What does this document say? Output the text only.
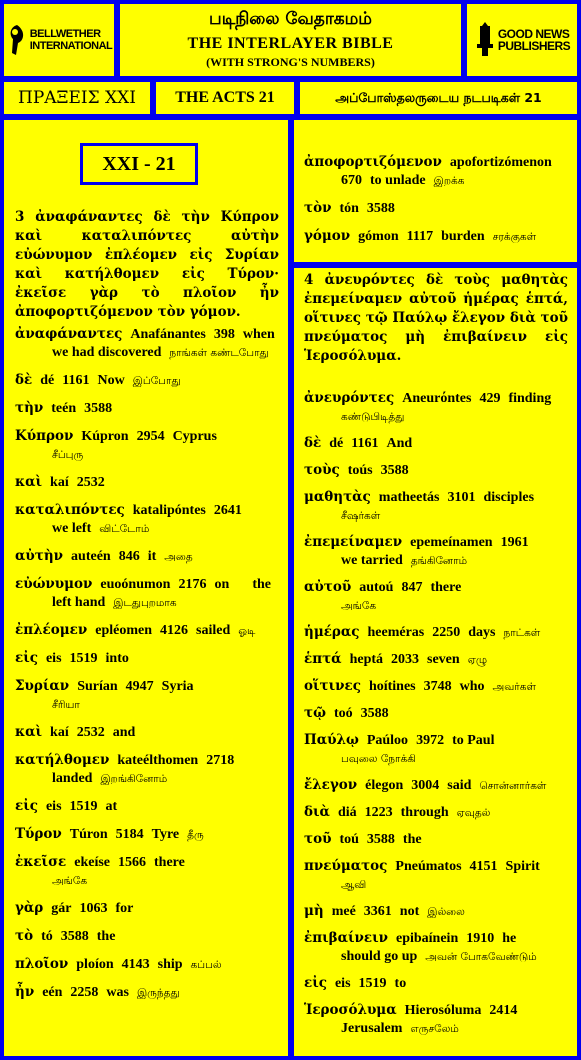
BELLWETHER
INTERNATIONAL
படிநிலை வேதாகமம்
THE INTERLAYER BIBLE
(WITH STRONG'S NUMBERS)
GOOD NEWS
PUBLISHERS
ΠΡΑΞΕΙΣ XXI THE ACTS 21	அப்போஸ்தலருடைய நடபடிகள் 21
XXI - 21
3 ἀναφάναντες δὲ τὴν Κύπρον καὶ καταλιπόντες αὐτὴν εὐώνυμον ἐπλέομεν εἰς Συρίαν καὶ κατήλθομεν εἰς Τύρον· ἐκεῖσε γὰρ τὸ πλοῖον ἦν ἀποφορτιζόμενον τὸν γόμον.
ἀναφάναντες Anafánantes 398 when
we had discovered நாங்கள் கண்டபோது
δὲ dé 1161 Now இப்போது
τὴν teén 3588
Κύπρον Kúpron 2954 Cyprus
சீப்புரு
καὶ kaí 2532
καταλιπόντες katalipóntes 2641
we left விட்டோம்
αὐτὴν auteén 846 it அதை
εὐώνυμον euoónumon 2176 on the
left hand இடதுபுறமாக
ἐπλέομεν epléomen 4126 sailed ஓடி
εἰς eis 1519 into
Συρίαν Surían 4947 Syria
சீரியா
καὶ kaí 2532 and
κατήλθομεν kateélthomen 2718
landed இறங்கினோம்
εἰς eis 1519 at
Τύρον Túron 5184 Tyre தீரு
ἐκεῖσε ekeíse 1566 there
அங்கே
γὰρ gár 1063 for
τὸ tó 3588 the
πλοῖον ploíon 4143 ship கப்பல்
ἦν eén 2258 was இருந்தது
ἀποφορτιζόμενον apofortizómenon
670 to unlade இறக்க
τὸν tón 3588
γόμον gómon 1117 burden சரக்குகள்
4 ἀνευρόντες δὲ τοὺς μαθητὰς ἐπεμείναμεν αὐτοῦ ἡμέρας ἑπτά, οἵτινες τῷ Παύλῳ ἔλεγον διὰ τοῦ πνεύματος μὴ ἐπιβαίνειν εἰς Ἱεροσόλυμα.
ἀνευρόντες Aneurόntes 429 finding
கண்டுபிடித்து
δὲ dé 1161 And
τοὺς toús 3588
μαθητὰς matheetás 3101 disciples
சீஷர்கள்
ἐπεμείναμεν epemeínamen 1961
we tarried தங்கினோம்
αὐτοῦ autoú 847 there
அங்கே
ἡμέρας heeméras 2250 days நாட்கள்
ἑπτά heptá 2033 seven ஏழு
οἵτινες hoítines 3748 who அவர்கள்
τῷ toó 3588
Παύλῳ Paúloo 3972 to Paul
பவுலை நோக்கி
ἔλεγον élegon 3004 said சொன்னார்கள்
διὰ diá 1223 through ஏவுதல்
τοῦ toú 3588 the
πνεύματος Pneúmatos 4151 Spirit
ஆவி
μὴ meé 3361 not இல்லை
ἐπιβαίνειν epibaínein 1910 he
should go up அவன் போகவேண்டும்
εἰς eis 1519 to
Ἱεροσόλυμα Hierosóluma 2414
Jerusalem எருசலேம்
